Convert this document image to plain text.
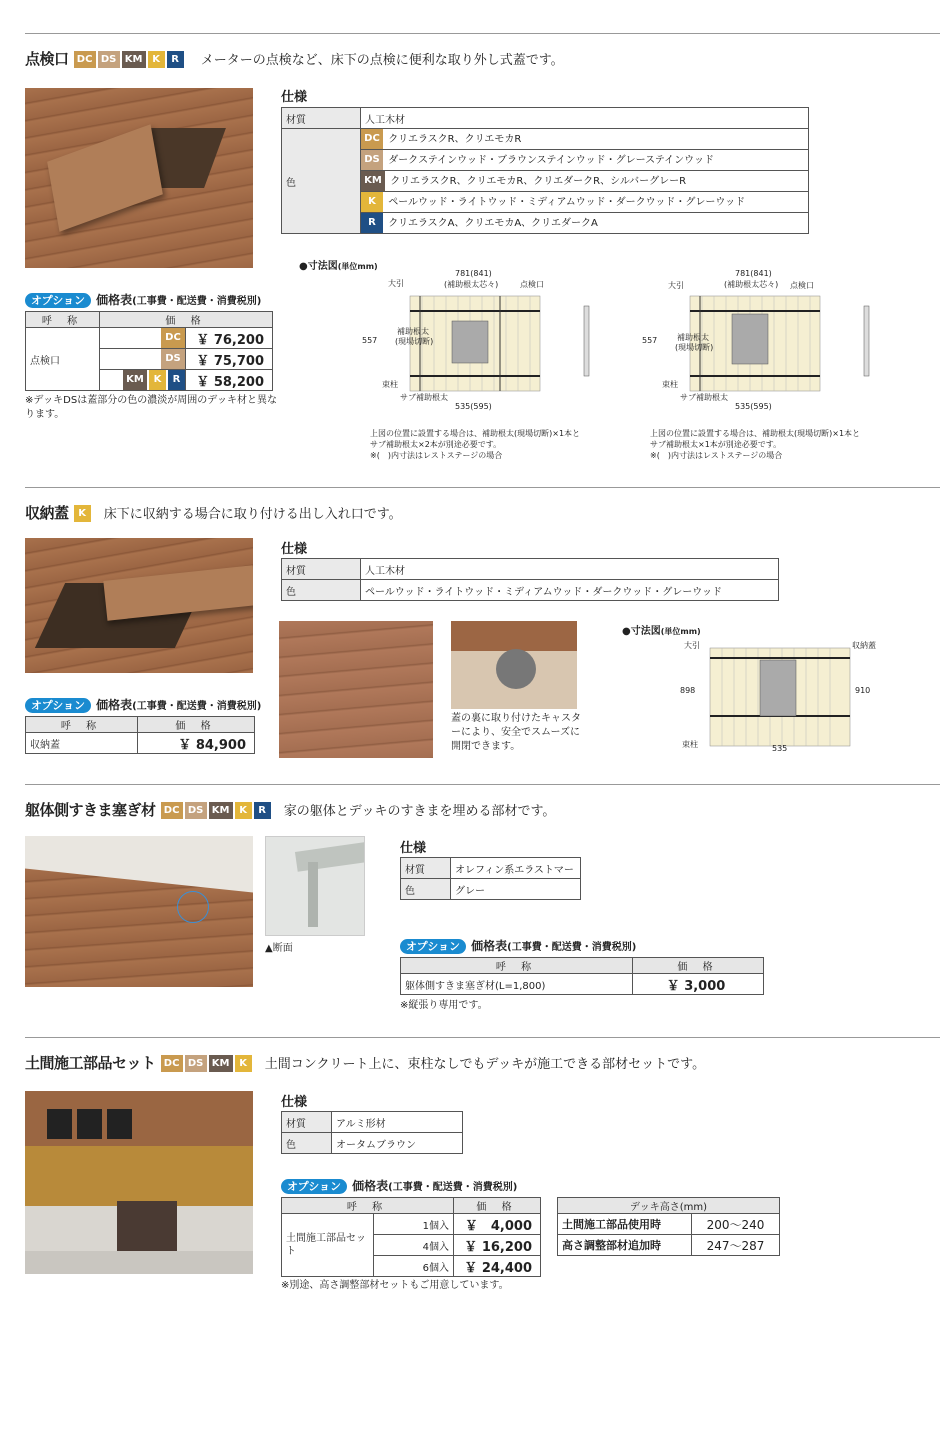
点検口 DC DS KM K R メーターの点検など、床下の点検に便利な取り外し式蓋です。
仕様
材質	人工木材
色	DC クリエラスクR、クリエモカR
	DS ダークステインウッド・ブラウンステインウッド・グレーステインウッド
	KM クリエラスクR、クリエモカR、クリエダークR、シルバーグレーR
	K ペールウッド・ライトウッド・ミディアムウッド・ダークウッド・グレーウッド
	R クリエラスクA、クリエモカA、クリエダークA
オプション 価格表(工事費・配送費・消費税別)
呼 称	価 格	
点検口	DC	￥ 76,200
	DS	￥ 75,700
	KM K R	￥ 58,200
※デッキDSは蓋部分の色の濃淡が周囲のデッキ材と異なります。
●寸法図(単位mm)
大引
781(841)
(補助根太芯々)	点検口
補助根太
(現場切断)
束柱
サブ補助根太
535(595)
557
上図の位置に設置する場合は、補助根太(現場切断)×1本と
サブ補助根太×2本が別途必要です。
※(　)内寸法はレストステージの場合
大引
781(841)
(補助根太芯々) 点検口
補助根太
(現場切断)
束柱
サブ補助根太
535(595)
557
上図の位置に設置する場合は、補助根太(現場切断)×1本と
サブ補助根太×1本が別途必要です。
※(　)内寸法はレストステージの場合
収納蓋 K 床下に収納する場合に取り付ける出し入れ口です。
仕様
材質	人工木材
色	ペールウッド・ライトウッド・ミディアムウッド・ダークウッド・グレーウッド
蓋の裏に取り付けたキャスターにより、安全でスムーズに開閉できます。
●寸法図(単位mm)
大引	収納蓋
898	910
束柱	535
オプション 価格表(工事費・配送費・消費税別)
呼 称	価 格
収納蓋	￥ 84,900
躯体側すきま塞ぎ材 DC DS KM K R 家の躯体とデッキのすきまを埋める部材です。
▲断面
仕様
材質	オレフィン系エラストマー
色	グレー
オプション 価格表(工事費・配送費・消費税別)
呼 称	価 格
躯体側すきま塞ぎ材(L=1,800)	￥ 3,000
※縦張り専用です。
土間施工部品セット DC DS KM K 土間コンクリート上に、束柱なしでもデッキが施工できる部材セットです。
仕様
材質	アルミ形材
色	オータムブラウン
オプション 価格表(工事費・配送費・消費税別)
呼 称		価 格
土間施工部品セット	1個入	￥　4,000
	4個入	￥ 16,200
	6個入	￥ 24,400
※別途、高さ調整部材セットもご用意しています。
デッキ高さ(mm)	
土間施工部品使用時	200〜240
高さ調整部材追加時	247〜287
